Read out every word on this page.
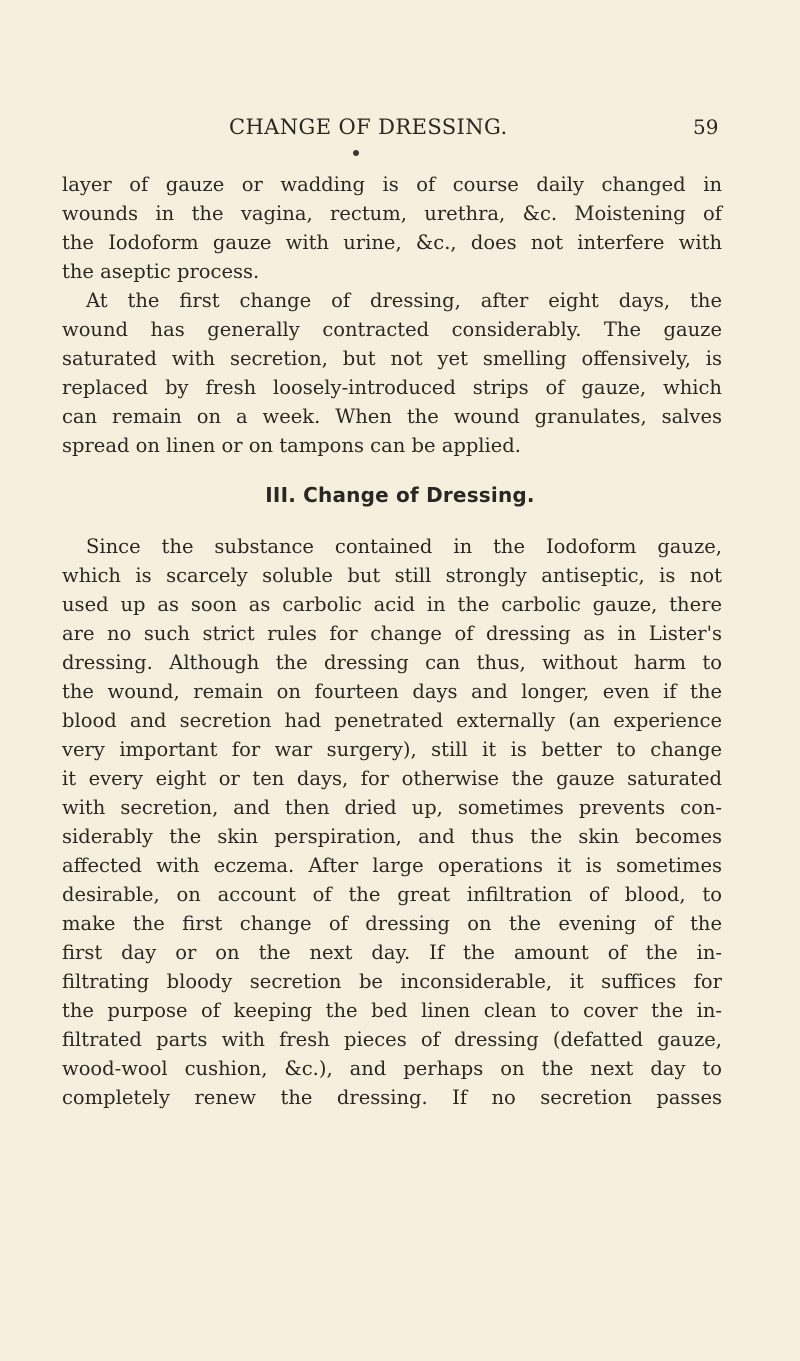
CHANGE OF DRESSING.	59
layer of gauze or wadding is of course daily changed in
wounds in the vagina, rectum, urethra, &c. Moistening of
the Iodoform gauze with urine, &c., does not interfere with
the aseptic process.
At the first change of dressing, after eight days, the
wound has generally contracted considerably. The gauze
saturated with secretion, but not yet smelling offensively, is
replaced by fresh loosely-introduced strips of gauze, which
can remain on a week. When the wound granulates, salves
spread on linen or on tampons can be applied.
III. Change of Dressing.
Since the substance contained in the Iodoform gauze,
which is scarcely soluble but still strongly antiseptic, is not
used up as soon as carbolic acid in the carbolic gauze, there
are no such strict rules for change of dressing as in Lister's
dressing. Although the dressing can thus, without harm to
the wound, remain on fourteen days and longer, even if the
blood and secretion had penetrated externally (an experience
very important for war surgery), still it is better to change
it every eight or ten days, for otherwise the gauze saturated
with secretion, and then dried up, sometimes prevents con-
siderably the skin perspiration, and thus the skin becomes
affected with eczema. After large operations it is sometimes
desirable, on account of the great infiltration of blood, to
make the first change of dressing on the evening of the
first day or on the next day. If the amount of the in-
filtrating bloody secretion be inconsiderable, it suffices for
the purpose of keeping the bed linen clean to cover the in-
filtrated parts with fresh pieces of dressing (defatted gauze,
wood-wool cushion, &c.), and perhaps on the next day to
completely renew the dressing. If no secretion passes
